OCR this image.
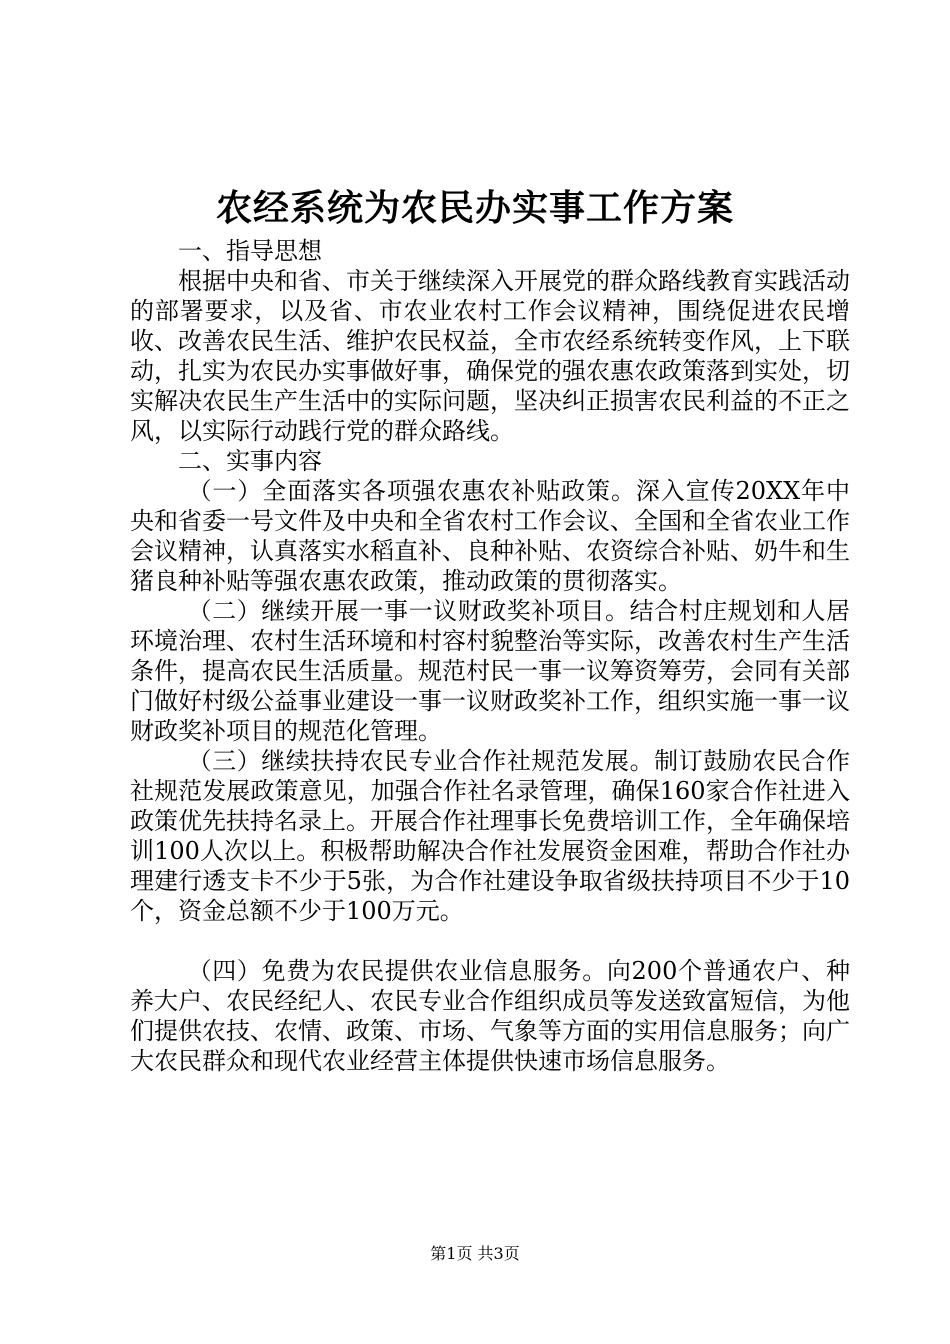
农经系统为农民办实事工作方案

一、指导思想

根据中央和省、市关于继续深入开展党的群众路线教育实践活动的部署要求，以及省、市农业农村工作会议精神，围绕促进农民增收、改善农民生活、维护农民权益，全市农经系统转变作风，上下联动，扎实为农民办实事做好事，确保党的强农惠农政策落到实处，切实解决农民生产生活中的实际问题，坚决纠正损害农民利益的不正之风，以实际行动践行党的群众路线。

二、实事内容

（一）全面落实各项强农惠农补贴政策。深入宣传20XX年中央和省委一号文件及中央和全省农村工作会议、全国和全省农业工作会议精神，认真落实水稻直补、良种补贴、农资综合补贴、奶牛和生猪良种补贴等强农惠农政策，推动政策的贯彻落实。

（二）继续开展一事一议财政奖补项目。结合村庄规划和人居环境治理、农村生活环境和村容村貌整治等实际，改善农村生产生活条件，提高农民生活质量。规范村民一事一议筹资筹劳，会同有关部门做好村级公益事业建设一事一议财政奖补工作，组织实施一事一议财政奖补项目的规范化管理。

（三）继续扶持农民专业合作社规范发展。制订鼓励农民合作社规范发展政策意见，加强合作社名录管理，确保160家合作社进入政策优先扶持名录上。开展合作社理事长免费培训工作，全年确保培训100人次以上。积极帮助解决合作社发展资金困难，帮助合作社办理建行透支卡不少于5张，为合作社建设争取省级扶持项目不少于10个，资金总额不少于100万元。

（四）免费为农民提供农业信息服务。向200个普通农户、种养大户、农民经纪人、农民专业合作组织成员等发送致富短信，为他们提供农技、农情、政策、市场、气象等方面的实用信息服务；向广大农民群众和现代农业经营主体提供快速市场信息服务。

第1页 共3页
